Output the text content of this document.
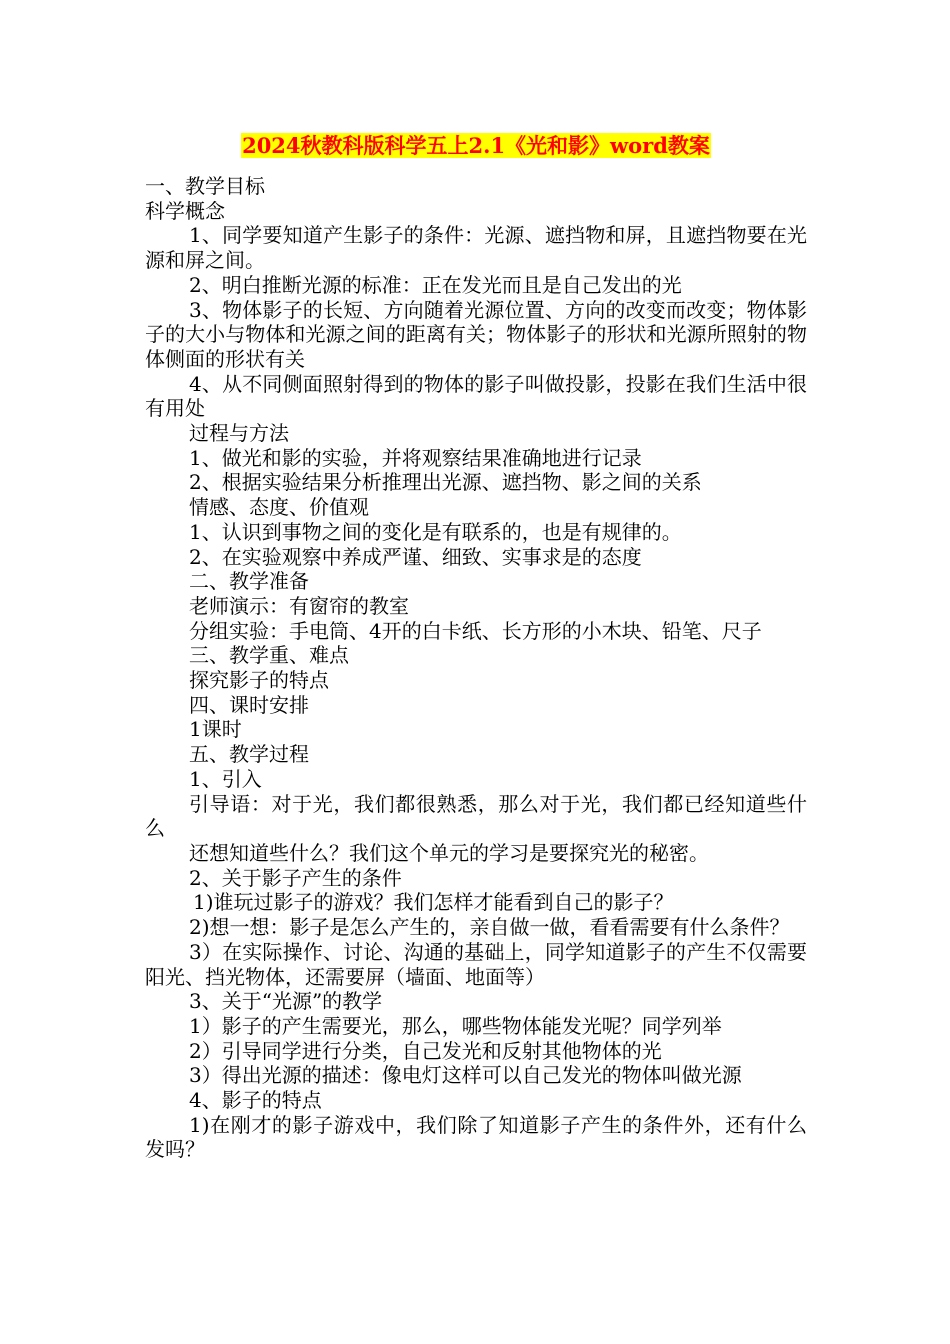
2024秋教科版科学五上2.1《光和影》word教案

一、教学目标

科学概念

1、同学要知道产生影子的条件：光源、遮挡物和屏，且遮挡物要在光源和屏之间。

2、明白推断光源的标准：正在发光而且是自己发出的光

3、物体影子的长短、方向随着光源位置、方向的改变而改变；物体影子的大小与物体和光源之间的距离有关；物体影子的形状和光源所照射的物体侧面的形状有关

4、从不同侧面照射得到的物体的影子叫做投影，投影在我们生活中很有用处

过程与方法

1、做光和影的实验，并将观察结果准确地进行记录

2、根据实验结果分析推理出光源、遮挡物、影之间的关系

情感、态度、价值观

1、认识到事物之间的变化是有联系的，也是有规律的。

2、在实验观察中养成严谨、细致、实事求是的态度

二、教学准备

老师演示：有窗帘的教室

分组实验：手电筒、4开的白卡纸、长方形的小木块、铅笔、尺子

三、教学重、难点

探究影子的特点

四、课时安排

1课时

五、教学过程

1、引入

引导语：对于光，我们都很熟悉，那么对于光，我们都已经知道些什么

还想知道些什么？我们这个单元的学习是要探究光的秘密。

2、关于影子产生的条件

1)谁玩过影子的游戏？我们怎样才能看到自己的影子？

2)想一想：影子是怎么产生的，亲自做一做，看看需要有什么条件？

3）在实际操作、讨论、沟通的基础上，同学知道影子的产生不仅需要阳光、挡光物体，还需要屏（墙面、地面等）

3、关于“光源”的教学

1）影子的产生需要光，那么，哪些物体能发光呢？同学列举

2）引导同学进行分类，自己发光和反射其他物体的光

3）得出光源的描述：像电灯这样可以自己发光的物体叫做光源

4、影子的特点

1)在刚才的影子游戏中，我们除了知道影子产生的条件外，还有什么发吗？
